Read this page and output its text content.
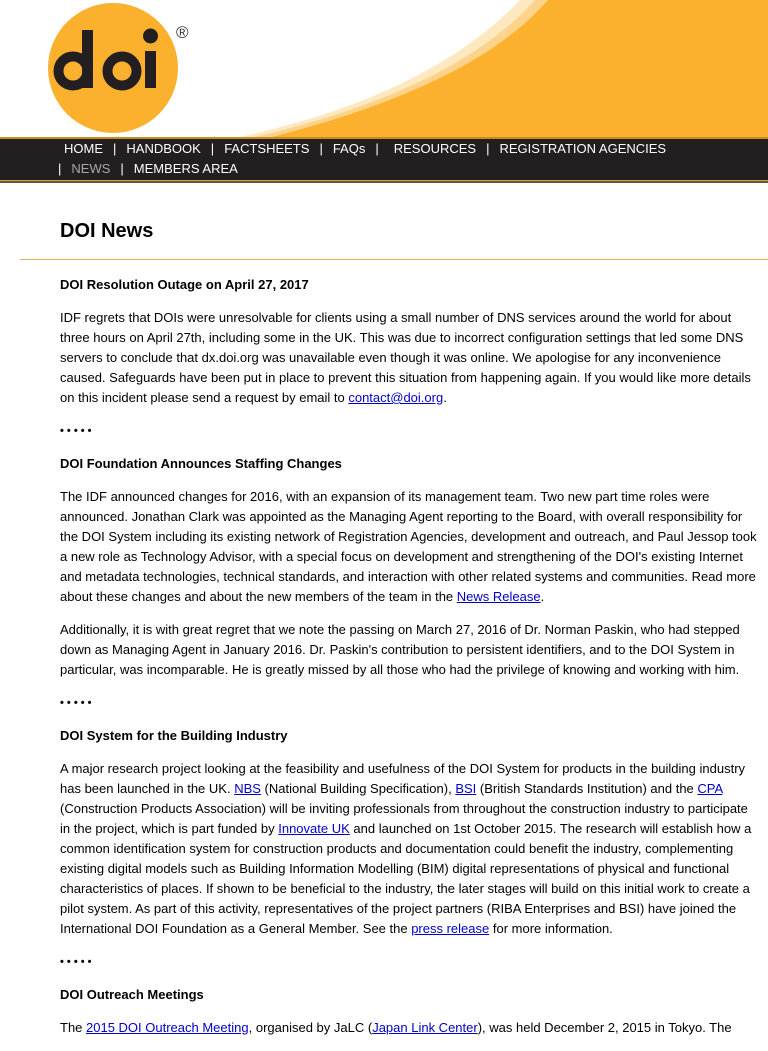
®
HOME | HANDBOOK | FACTSHEETS | FAQs | RESOURCES | REGISTRATION AGENCIES
| NEWS | MEMBERS AREA
DOI News
DOI Resolution Outage on April 27, 2017

IDF regrets that DOIs were unresolvable for clients using a small number of DNS services around the world for about three hours on April 27th, including some in the UK. This was due to incorrect configuration settings that led some DNS servers to conclude that dx.doi.org was unavailable even though it was online. We apologise for any inconvenience caused. Safeguards have been put in place to prevent this situation from happening again. If you would like more details on this incident please send a request by email to contact@doi.org.

• • • • •
DOI Foundation Announces Staffing Changes

The IDF announced changes for 2016, with an expansion of its management team. Two new part time roles were announced. Jonathan Clark was appointed as the Managing Agent reporting to the Board, with overall responsibility for the DOI System including its existing network of Registration Agencies, development and outreach, and Paul Jessop took a new role as Technology Advisor, with a special focus on development and strengthening of the DOI's existing Internet and metadata technologies, technical standards, and interaction with other related systems and communities. Read more about these changes and about the new members of the team in the News Release.

Additionally, it is with great regret that we note the passing on March 27, 2016 of Dr. Norman Paskin, who had stepped down as Managing Agent in January 2016. Dr. Paskin's contribution to persistent identifiers, and to the DOI System in particular, was incomparable. He is greatly missed by all those who had the privilege of knowing and working with him.

• • • • •
DOI System for the Building Industry

A major research project looking at the feasibility and usefulness of the DOI System for products in the building industry has been launched in the UK. NBS (National Building Specification), BSI (British Standards Institution) and the CPA (Construction Products Association) will be inviting professionals from throughout the construction industry to participate in the project, which is part funded by Innovate UK and launched on 1st October 2015. The research will establish how a common identification system for construction products and documentation could benefit the industry, complementing existing digital models such as Building Information Modelling (BIM) digital representations of physical and functional characteristics of places. If shown to be beneficial to the industry, the later stages will build on this initial work to create a pilot system. As part of this activity, representatives of the project partners (RIBA Enterprises and BSI) have joined the International DOI Foundation as a General Member. See the press release for more information.

• • • • •
DOI Outreach Meetings

The 2015 DOI Outreach Meeting, organised by JaLC (Japan Link Center), was held December 2, 2015 in Tokyo. The
